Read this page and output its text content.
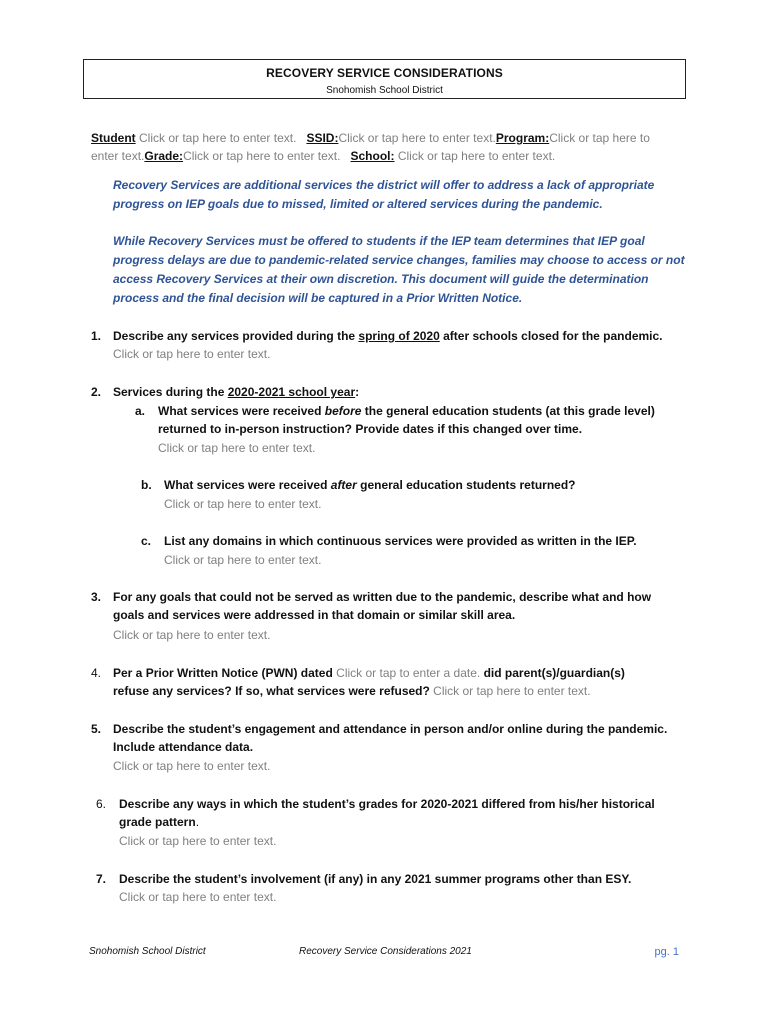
RECOVERY SERVICE CONSIDERATIONS
Snohomish School District
Student Click or tap here to enter text. SSID:Click or tap here to enter text.Program:Click or tap here to
enter text.Grade:Click or tap here to enter text. School: Click or tap here to enter text.
Recovery Services are additional services the district will offer to address a lack of appropriate
progress on IEP goals due to missed, limited or altered services during the pandemic.
While Recovery Services must be offered to students if the IEP team determines that IEP goal
progress delays are due to pandemic-related service changes, families may choose to access or not
access Recovery Services at their own discretion. This document will guide the determination
process and the final decision will be captured in a Prior Written Notice.
1. Describe any services provided during the spring of 2020 after schools closed for the pandemic.
Click or tap here to enter text.
2. Services during the 2020-2021 school year:
a. What services were received before the general education students (at this grade level)
returned to in-person instruction? Provide dates if this changed over time.
Click or tap here to enter text.
b. What services were received after general education students returned?
Click or tap here to enter text.
c. List any domains in which continuous services were provided as written in the IEP.
Click or tap here to enter text.
3. For any goals that could not be served as written due to the pandemic, describe what and how
goals and services were addressed in that domain or similar skill area.
Click or tap here to enter text.
4. Per a Prior Written Notice (PWN) dated Click or tap to enter a date. did parent(s)/guardian(s)
refuse any services? If so, what services were refused? Click or tap here to enter text.
5. Describe the student’s engagement and attendance in person and/or online during the pandemic.
Include attendance data.
Click or tap here to enter text.
6. Describe any ways in which the student’s grades for 2020-2021 differed from his/her historical
grade pattern.
Click or tap here to enter text.
7. Describe the student’s involvement (if any) in any 2021 summer programs other than ESY.
Click or tap here to enter text.
Snohomish School District	Recovery Service Considerations 2021	pg. 1
